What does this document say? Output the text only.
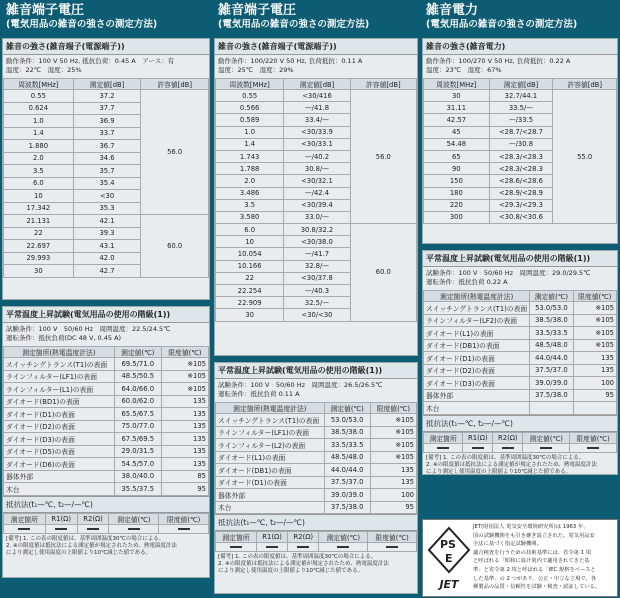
雑音端子電圧
(電気用品の雑音の強さの測定方法)
雑音の強さ(雑音端子(電源端子))
動作条件：100 V 50 Hz, 抵抗負荷：0.45 A　アース：有
温度：22℃　湿度：25%
周波数[MHz]	測定値[dB]	許容値[dB]
0.55	37.2	56.0
0.624	37.7	
1.0	36.9	
1.4	33.7	
1.880	36.7	
2.0	34.6	
3.5	35.7	
6.0	35.4	
10	<30	
17.342	35.3	
21.131	42.1	60.0
22	39.3	
22.697	43.1	
29.993	42.0	
30	42.7	
平常温度上昇試験(電気用品の使用の階級(1))
試験条件：100 V　50/60 Hz　周囲温度：22.5/24.5℃
運転条件：抵抗負荷(DC 48 V, 0.45 A)
測定箇所(熱電温度計法)	測定値(℃)	限度値(℃)
スイッチングトランス(T1)の表面	69.5/71.0	※105
ラインフィルター(LF1)の表面	48.5/50.5	※105
ラインフィルター(L1)の表面	64.0/66.0	※105
ダイオード(BD1)の表面	60.0/62.0	135
ダイオード(D1)の表面	65.5/67.5	135
ダイオード(D2)の表面	75.0/77.0	135
ダイオード(D3)の表面	67.5/69.5	135
ダイオード(D5)の表面	29.0/31.5	135
ダイオード(D6)の表面	54.5/57.0	135
器体外部	38.0/40.0	85
木台	35.5/37.5	95
抵抗法(t₁—℃, t₂—/—℃)
測定箇所	R1(Ω)	R2(Ω)	測定値(℃)	限度値(℃)

[備考] 1. この表の限度値は、基準周囲温度30℃の場合による。
2. ※の限度値は抵抗法による測定値が規定されたため、熱電温度計法
により測定し使用温度の上限値より10℃減じた値である。
雑音端子電圧
(電気用品の雑音の強さの測定方法)
雑音の強さ(雑音端子(電源端子))
動作条件：100/220 V 50 Hz, 負荷抵抗：0.11 A
温度：25℃　湿度：29%
周波数[MHz]	測定値[dB]	許容値[dB]
0.55	<30/416	56.0
0.566	—/41.8	
0.589	33.4/—	
1.0	<30/33.9	
1.4	<30/33.1	
1.743	—/40.2	
1.788	30.8/—	
2.0	<30/32.1	
3.486	—/42.4	
3.5	<30/39.4	
3.580	33.0/—	
6.0	30.8/32.2	60.0
10	<30/38.0	
10.054	—/41.7	
10.166	32.8/—	
22	<30/37.8	
22.254	—/40.3	
22.909	32.5/—	
30	<30/<30	
平常温度上昇試験(電気用品の使用の階級(1))
試験条件：100 V　50/60 Hz　周囲温度：26.5/26.5℃
運転条件：抵抗負荷 0.11 A
測定箇所(熱電温度計法)	測定値(℃)	限度値(℃)
スイッチングトランス(T1)の表面	53.0/53.0	※105
ラインフィルター(LF1)の表面	38.5/38.0	※105
ラインフィルター(L2)の表面	33.5/33.5	※105
ダイオード(L1)の表面	48.5/48.0	※105
ダイオード(DB1)の表面	44.0/44.0	135
ダイオード(D1)の表面	37.5/37.0	135
器体外部	39.0/39.0	100
木台	37.5/38.0	95
抵抗法(t₁—℃, t₂—/—℃)
測定箇所	R1(Ω)	R2(Ω)	測定値(℃)	限度値(℃)

[備考] 1. この表の限度値は、基準周囲温度30℃の場合による。
2. ※の限度値は抵抗法による測定値が規定されたため、熱電温度計法
により測定し使用温度の上限値より10℃減じた値である。
雑音電力
(電気用品の雑音の強さの測定方法)
雑音の強さ(雑音電力)
動作条件：100/270 V 50 Hz, 負荷抵抗：0.22 A
温度：23℃　湿度：67%
周波数[MHz]	測定値[dB]	許容値[dB]
30	32.7/44.1	55.0
31.11	33.5/—	
42.57	—/33.5	
45	<28.7/<28.7	
54.48	—/30.8	
65	<28.3/<28.3	
90	<28.3/<28.3	
150	<28.6/<28.6	
180	<28.9/<28.9	
220	<29.3/<29.3	
300	<30.8/<30.6	
平常温度上昇試験(電気用品の使用の階級(1))
試験条件：100 V　50/60 Hz　周囲温度：29.0/29.5℃
運転条件：抵抗負荷 0.22 A
測定箇所(熱電温度計法)	測定値(℃)	限度値(℃)
スイッチングトランス(T1)の表面	53.0/53.0	※105
ラインフィルター(LF2)の表面	38.5/38.0	※105
ダイオード(L1)の表面	33.5/33.5	※105
ダイオード(DB1)の表面	48.5/48.0	※105
ダイオード(D1)の表面	44.0/44.0	135
ダイオード(D2)の表面	37.5/37.0	135
ダイオード(D3)の表面	39.0/39.0	100
器体外部	37.5/38.0	95
木台		
抵抗法(t₁—℃, t₂—/—℃)
測定箇所	R1(Ω)	R2(Ω)	測定値(℃)	限度値(℃)

[備考] 1. この表の限度値は、基準周囲温度30℃の場合による。
2. ※の限度値は抵抗法による測定値が規定されたため、熱電温度計法
により測定し使用温度の上限値より10℃減じた値である。
PS
E
JET
JET(財団法人 電気安全環境研究所)は 1963 年、
国の試験機関をも引き継ぎ設立された。電気用品安
全法に基づく指定試験機関。
適合検査を行うための技術基準には、省令第 1 項
と呼ばれる「昭和に設け別内で適用されてきた基
準」と省令第 2 項と呼ばれる「IEC 規格をベースと
した基準」の 2 つがあり、公正・中立な立場で、各
種製品の品質・信頼性を試験・検査・認証している。
